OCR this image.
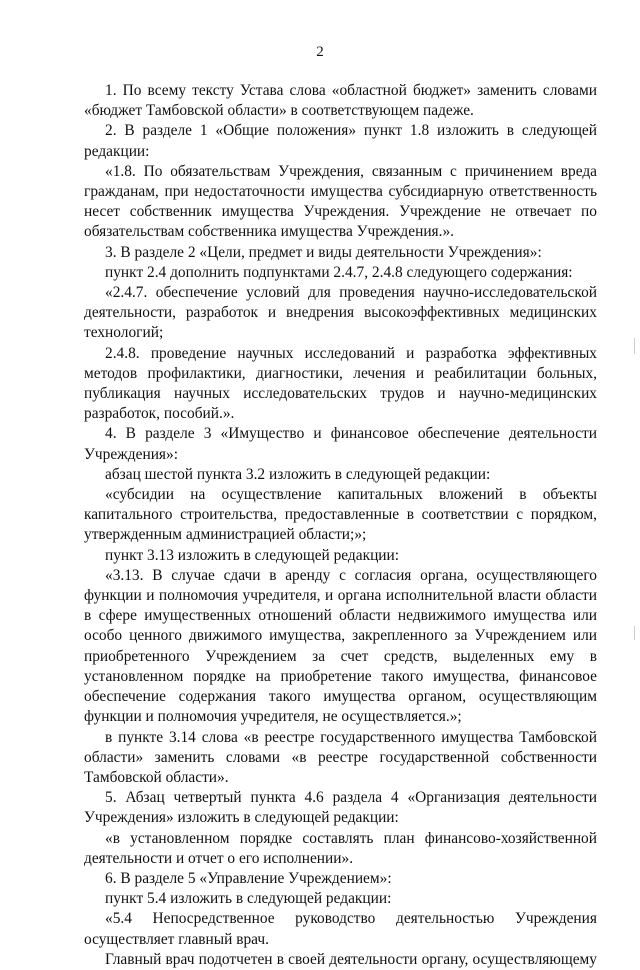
2

1. По всему тексту Устава слова «областной бюджет» заменить словами «бюджет Тамбовской области» в соответствующем падеже.

2. В разделе 1 «Общие положения» пункт 1.8 изложить в следующей редакции:

«1.8. По обязательствам Учреждения, связанным с причинением вреда гражданам, при недостаточности имущества субсидиарную ответственность несет собственник имущества Учреждения. Учреждение не отвечает по обязательствам собственника имущества Учреждения.».

3. В разделе 2 «Цели, предмет и виды деятельности Учреждения»:

пункт 2.4 дополнить подпунктами 2.4.7, 2.4.8 следующего содержания:

«2.4.7. обеспечение условий для проведения научно-исследовательской деятельности, разработок и внедрения высокоэффективных медицинских технологий;

2.4.8. проведение научных исследований и разработка эффективных методов профилактики, диагностики, лечения и реабилитации больных, публикация научных исследовательских трудов и научно-медицинских разработок, пособий.».

4. В разделе 3 «Имущество и финансовое обеспечение деятельности Учреждения»:

абзац шестой пункта 3.2 изложить в следующей редакции:

«субсидии на осуществление капитальных вложений в объекты капитального строительства, предоставленные в соответствии с порядком, утвержденным администрацией области;»;

пункт 3.13 изложить в следующей редакции:

«3.13. В случае сдачи в аренду с согласия органа, осуществляющего функции и полномочия учредителя, и органа исполнительной власти области в сфере имущественных отношений области недвижимого имущества или особо ценного движимого имущества, закрепленного за Учреждением или приобретенного Учреждением за счет средств, выделенных ему в установленном порядке на приобретение такого имущества, финансовое обеспечение содержания такого имущества органом, осуществляющим функции и полномочия учредителя, не осуществляется.»;

в пункте 3.14 слова «в реестре государственного имущества Тамбовской области» заменить словами «в реестре государственной собственности Тамбовской области».

5. Абзац четвертый пункта 4.6 раздела 4 «Организация деятельности Учреждения» изложить в следующей редакции:

«в установленном порядке составлять план финансово-хозяйственной деятельности и отчет о его исполнении».

6. В разделе 5 «Управление Учреждением»:

пункт 5.4 изложить в следующей редакции:

«5.4 Непосредственное руководство деятельностью Учреждения осуществляет главный врач.

Главный врач подотчетен в своей деятельности органу, осуществляющему
